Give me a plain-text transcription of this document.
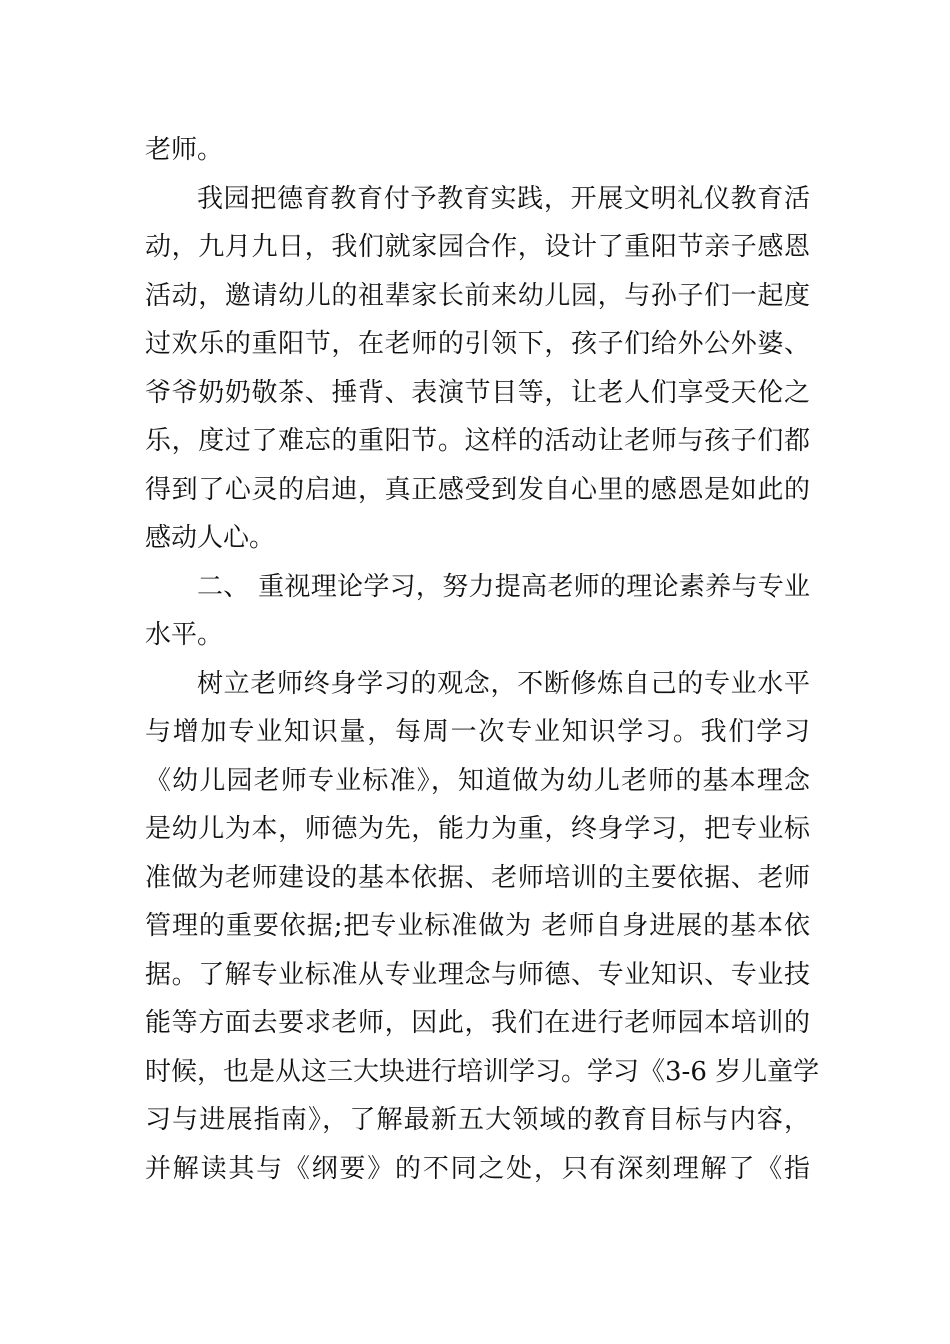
老师。
我园把德育教育付予教育实践，开展文明礼仪教育活
动，九月九日，我们就家园合作，设计了重阳节亲子感恩
活动，邀请幼儿的祖辈家长前来幼儿园，与孙子们一起度
过欢乐的重阳节，在老师的引领下，孩子们给外公外婆、
爷爷奶奶敬茶、捶背、表演节目等，让老人们享受天伦之
乐，度过了难忘的重阳节。这样的活动让老师与孩子们都
得到了心灵的启迪，真正感受到发自心里的感恩是如此的
感动人心。
二、 重视理论学习，努力提高老师的理论素养与专业
水平。
树立老师终身学习的观念，不断修炼自己的专业水平
与增加专业知识量，每周一次专业知识学习。我们学习
《幼儿园老师专业标准》，知道做为幼儿老师的基本理念
是幼儿为本，师德为先，能力为重，终身学习，把专业标
准做为老师建设的基本依据、老师培训的主要依据、老师
管理的重要依据;把专业标准做为 老师自身进展的基本依
据。了解专业标准从专业理念与师德、专业知识、专业技
能等方面去要求老师，因此，我们在进行老师园本培训的
时候，也是从这三大块进行培训学习。学习《3-6 岁儿童学
习与进展指南》，了解最新五大领域的教育目标与内容，
并解读其与《纲要》的不同之处，只有深刻理解了《指
